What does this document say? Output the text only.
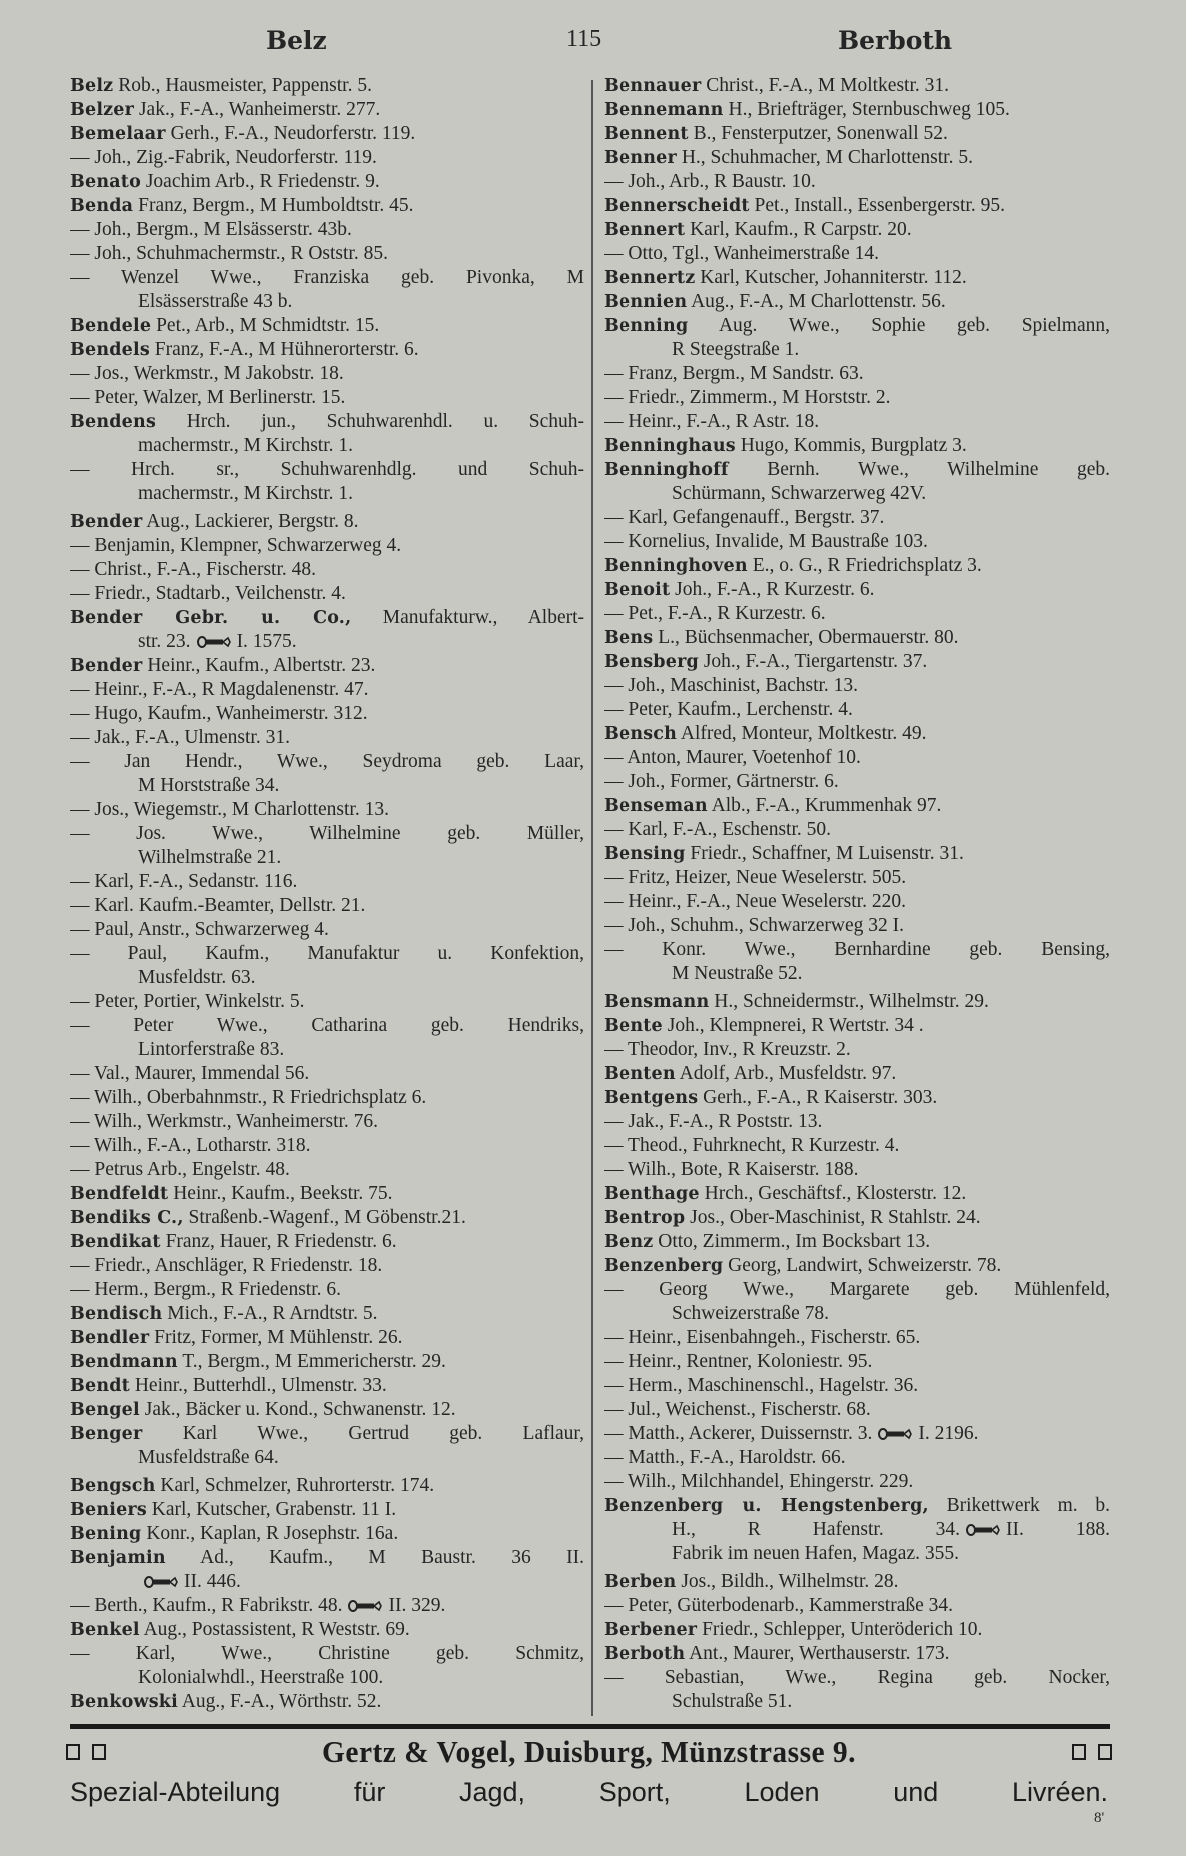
Belz	115	Berboth
Belz Rob., Hausmeister, Pappenstr. 5.
Belzer Jak., F.-A., Wanheimerstr. 277.
Bemelaar Gerh., F.-A., Neudorferstr. 119.
— Joh., Zig.-Fabrik, Neudorferstr. 119.
Benato Joachim Arb., R Friedenstr. 9.
Benda Franz, Bergm., M Humboldtstr. 45.
— Joh., Bergm., M Elsässerstr. 43b.
— Joh., Schuhmachermstr., R Oststr. 85.
— Wenzel Wwe., Franziska geb. Pivonka, M
Elsässerstraße 43 b.
Bendele Pet., Arb., M Schmidtstr. 15.
Bendels Franz, F.-A., M Hühnerorterstr. 6.
— Jos., Werkmstr., M Jakobstr. 18.
— Peter, Walzer, M Berlinerstr. 15.
Bendens Hrch. jun., Schuhwarenhdl. u. Schuh-
machermstr., M Kirchstr. 1.
— Hrch. sr., Schuhwarenhdlg. und Schuh-
machermstr., M Kirchstr. 1.
Bender Aug., Lackierer, Bergstr. 8.
— Benjamin, Klempner, Schwarzerweg 4.
— Christ., F.-A., Fischerstr. 48.
— Friedr., Stadtarb., Veilchenstr. 4.
Bender Gebr. u. Co., Manufakturw., Albert-
str. 23. I. 1575.
Bender Heinr., Kaufm., Albertstr. 23.
— Heinr., F.-A., R Magdalenenstr. 47.
— Hugo, Kaufm., Wanheimerstr. 312.
— Jak., F.-A., Ulmenstr. 31.
— Jan Hendr., Wwe., Seydroma geb. Laar,
M Horststraße 34.
— Jos., Wiegemstr., M Charlottenstr. 13.
— Jos. Wwe., Wilhelmine geb. Müller,
Wilhelmstraße 21.
— Karl, F.-A., Sedanstr. 116.
— Karl. Kaufm.-Beamter, Dellstr. 21.
— Paul, Anstr., Schwarzerweg 4.
— Paul, Kaufm., Manufaktur u. Konfektion,
Musfeldstr. 63.
— Peter, Portier, Winkelstr. 5.
— Peter Wwe., Catharina geb. Hendriks,
Lintorferstraße 83.
— Val., Maurer, Immendal 56.
— Wilh., Oberbahnmstr., R Friedrichsplatz 6.
— Wilh., Werkmstr., Wanheimerstr. 76.
— Wilh., F.-A., Lotharstr. 318.
— Petrus Arb., Engelstr. 48.
Bendfeldt Heinr., Kaufm., Beekstr. 75.
Bendiks C., Straßenb.-Wagenf., M Göbenstr.21.
Bendikat Franz, Hauer, R Friedenstr. 6.
— Friedr., Anschläger, R Friedenstr. 18.
— Herm., Bergm., R Friedenstr. 6.
Bendisch Mich., F.-A., R Arndtstr. 5.
Bendler Fritz, Former, M Mühlenstr. 26.
Bendmann T., Bergm., M Emmericherstr. 29.
Bendt Heinr., Butterhdl., Ulmenstr. 33.
Bengel Jak., Bäcker u. Kond., Schwanenstr. 12.
Benger Karl Wwe., Gertrud geb. Laflaur,
Musfeldstraße 64.
Bengsch Karl, Schmelzer, Ruhrorterstr. 174.
Beniers Karl, Kutscher, Grabenstr. 11 I.
Bening Konr., Kaplan, R Josephstr. 16a.
Benjamin Ad., Kaufm., M Baustr. 36 II.
II. 446.
— Berth., Kaufm., R Fabrikstr. 48. II. 329.
Benkel Aug., Postassistent, R Weststr. 69.
— Karl, Wwe., Christine geb. Schmitz,
Kolonialwhdl., Heerstraße 100.
Benkowski Aug., F.-A., Wörthstr. 52.
Bennauer Christ., F.-A., M Moltkestr. 31.
Bennemann H., Briefträger, Sternbuschweg 105.
Bennent B., Fensterputzer, Sonenwall 52.
Benner H., Schuhmacher, M Charlottenstr. 5.
— Joh., Arb., R Baustr. 10.
Bennerscheidt Pet., Install., Essenbergerstr. 95.
Bennert Karl, Kaufm., R Carpstr. 20.
— Otto, Tgl., Wanheimerstraße 14.
Bennertz Karl, Kutscher, Johanniterstr. 112.
Bennien Aug., F.-A., M Charlottenstr. 56.
Benning Aug. Wwe., Sophie geb. Spielmann,
R Steegstraße 1.
— Franz, Bergm., M Sandstr. 63.
— Friedr., Zimmerm., M Horststr. 2.
— Heinr., F.-A., R Astr. 18.
Benninghaus Hugo, Kommis, Burgplatz 3.
Benninghoff Bernh. Wwe., Wilhelmine geb.
Schürmann, Schwarzerweg 42V.
— Karl, Gefangenauff., Bergstr. 37.
— Kornelius, Invalide, M Baustraße 103.
Benninghoven E., o. G., R Friedrichsplatz 3.
Benoit Joh., F.-A., R Kurzestr. 6.
— Pet., F.-A., R Kurzestr. 6.
Bens L., Büchsenmacher, Obermauerstr. 80.
Bensberg Joh., F.-A., Tiergartenstr. 37.
— Joh., Maschinist, Bachstr. 13.
— Peter, Kaufm., Lerchenstr. 4.
Bensch Alfred, Monteur, Moltkestr. 49.
— Anton, Maurer, Voetenhof 10.
— Joh., Former, Gärtnerstr. 6.
Benseman Alb., F.-A., Krummenhak 97.
— Karl, F.-A., Eschenstr. 50.
Bensing Friedr., Schaffner, M Luisenstr. 31.
— Fritz, Heizer, Neue Weselerstr. 505.
— Heinr., F.-A., Neue Weselerstr. 220.
— Joh., Schuhm., Schwarzerweg 32 I.
— Konr. Wwe., Bernhardine geb. Bensing,
M Neustraße 52.
Bensmann H., Schneidermstr., Wilhelmstr. 29.
Bente Joh., Klempnerei, R Wertstr. 34 .
— Theodor, Inv., R Kreuzstr. 2.
Benten Adolf, Arb., Musfeldstr. 97.
Bentgens Gerh., F.-A., R Kaiserstr. 303.
— Jak., F.-A., R Poststr. 13.
— Theod., Fuhrknecht, R Kurzestr. 4.
— Wilh., Bote, R Kaiserstr. 188.
Benthage Hrch., Geschäftsf., Klosterstr. 12.
Bentrop Jos., Ober-Maschinist, R Stahlstr. 24.
Benz Otto, Zimmerm., Im Bocksbart 13.
Benzenberg Georg, Landwirt, Schweizerstr. 78.
— Georg Wwe., Margarete geb. Mühlenfeld,
Schweizerstraße 78.
— Heinr., Eisenbahngeh., Fischerstr. 65.
— Heinr., Rentner, Koloniestr. 95.
— Herm., Maschinenschl., Hagelstr. 36.
— Jul., Weichenst., Fischerstr. 68.
— Matth., Ackerer, Duissernstr. 3. I. 2196.
— Matth., F.-A., Haroldstr. 66.
— Wilh., Milchhandel, Ehingerstr. 229.
Benzenberg u. Hengstenberg, Brikettwerk m. b.
H., R Hafenstr. 34. II. 188.
Fabrik im neuen Hafen, Magaz. 355.
Berben Jos., Bildh., Wilhelmstr. 28.
— Peter, Güterbodenarb., Kammerstraße 34.
Berbener Friedr., Schlepper, Unteröderich 10.
Berboth Ant., Maurer, Werthauserstr. 173.
— Sebastian, Wwe., Regina geb. Nocker,
Schulstraße 51.
Gertz & Vogel, Duisburg, Münzstrasse 9.
Spezial-Abteilung für Jagd, Sport, Loden und Livréen.
8'
